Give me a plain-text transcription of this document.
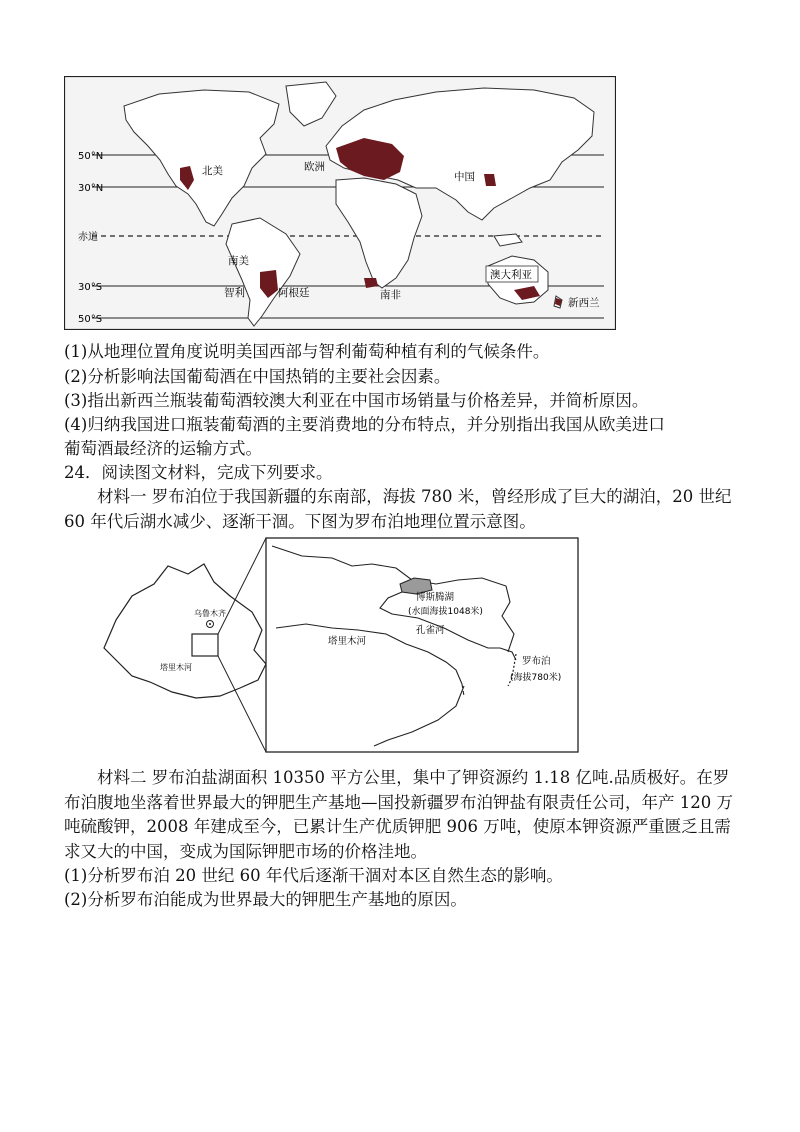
50°N
30°N
赤道
30°S
50°S
北美	欧洲
中国
南美
智利	阿根廷	南非
澳大利亚
新西兰
(1)从地理位置角度说明美国西部与智利葡萄种植有利的气候条件。
(2)分析影响法国葡萄酒在中国热销的主要社会因素。
(3)指出新西兰瓶装葡萄酒较澳大利亚在中国市场销量与价格差异，并简析原因。
(4)归纳我国进口瓶装葡萄酒的主要消费地的分布特点，并分别指出我国从欧美进口
葡萄酒最经济的运输方式。
24．阅读图文材料，完成下列要求。
材料一 罗布泊位于我国新疆的东南部，海拔 780 米，曾经形成了巨大的湖泊，20 世纪 60 年代后湖水减少、逐渐干涸。下图为罗布泊地理位置示意图。
乌鲁木齐
塔里木河
博斯腾湖
(水面海拔1048米)
孔雀河
塔里木河
罗布泊
(海拔780米)
材料二 罗布泊盐湖面积 10350 平方公里，集中了钾资源约 1.18 亿吨.品质极好。在罗布泊腹地坐落着世界最大的钾肥生产基地—国投新疆罗布泊钾盐有限责任公司，年产 120 万吨硫酸钾，2008 年建成至今，已累计生产优质钾肥 906 万吨，使原本钾资源严重匮乏且需求又大的中国，变成为国际钾肥市场的价格洼地。
(1)分析罗布泊 20 世纪 60 年代后逐渐干涸对本区自然生态的影响。
(2)分析罗布泊能成为世界最大的钾肥生产基地的原因。
